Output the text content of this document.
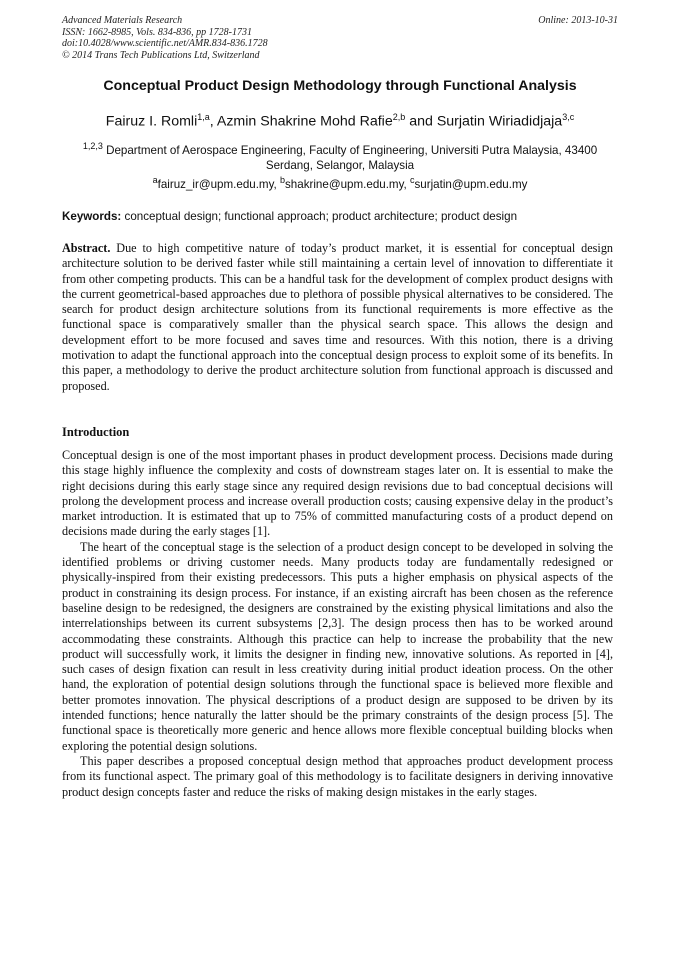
Advanced Materials Research
ISSN: 1662-8985, Vols. 834-836, pp 1728-1731
doi:10.4028/www.scientific.net/AMR.834-836.1728
© 2014 Trans Tech Publications Ltd, Switzerland
Online: 2013-10-31
Conceptual Product Design Methodology through Functional Analysis
Fairuz I. Romli$^{1,a}$, Azmin Shakrine Mohd Rafie$^{2,b}$ and Surjatin Wiriadidjaja$^{3,c}$
$^{1,2,3}$ Department of Aerospace Engineering, Faculty of Engineering, Universiti Putra Malaysia, 43400 Serdang, Selangor, Malaysia
$^a$fairuz_ir@upm.edu.my, $^b$shakrine@upm.edu.my, $^c$surjatin@upm.edu.my
Keywords: conceptual design; functional approach; product architecture; product design
Abstract. Due to high competitive nature of today’s product market, it is essential for conceptual design architecture solution to be derived faster while still maintaining a certain level of innovation to differentiate it from other competing products. This can be a handful task for the development of complex product designs with the current geometrical-based approaches due to plethora of possible physical alternatives to be considered. The search for product design architecture solutions from its functional requirements is more effective as the functional space is comparatively smaller than the physical search space. This allows the design and development effort to be more focused and saves time and resources. With this notion, there is a driving motivation to adapt the functional approach into the conceptual design process to exploit some of its benefits. In this paper, a methodology to derive the product architecture solution from functional approach is discussed and proposed.
Introduction

Conceptual design is one of the most important phases in product development process. Decisions made during this stage highly influence the complexity and costs of downstream stages later on. It is essential to make the right decisions during this early stage since any required design revisions due to bad conceptual decisions will prolong the development process and increase overall production costs; causing expensive delay in the product’s market introduction. It is estimated that up to 75% of committed manufacturing costs of a product depend on decisions made during the early stages [1].

The heart of the conceptual stage is the selection of a product design concept to be developed in solving the identified problems or driving customer needs. Many products today are fundamentally redesigned or physically-inspired from their existing predecessors. This puts a higher emphasis on physical aspects of the product in constraining its design process. For instance, if an existing aircraft has been chosen as the reference baseline design to be redesigned, the designers are constrained by the existing physical limitations and also the interrelationships between its current subsystems [2,3]. The design process then has to be worked around accommodating these constraints. Although this practice can help to increase the probability that the new product will successfully work, it limits the designer in finding new, innovative solutions. As reported in [4], such cases of design fixation can result in less creativity during initial product ideation process. On the other hand, the exploration of potential design solutions through the functional space is believed more flexible and better promotes innovation. The physical descriptions of a product design are supposed to be driven by its intended functions; hence naturally the latter should be the primary constraints of the design process [5]. The functional space is theoretically more generic and hence allows more flexible conceptual building blocks when exploring the potential design solutions.

This paper describes a proposed conceptual design method that approaches product development process from its functional aspect. The primary goal of this methodology is to facilitate designers in deriving innovative product design concepts faster and reduce the risks of making design mistakes in the early stages.
